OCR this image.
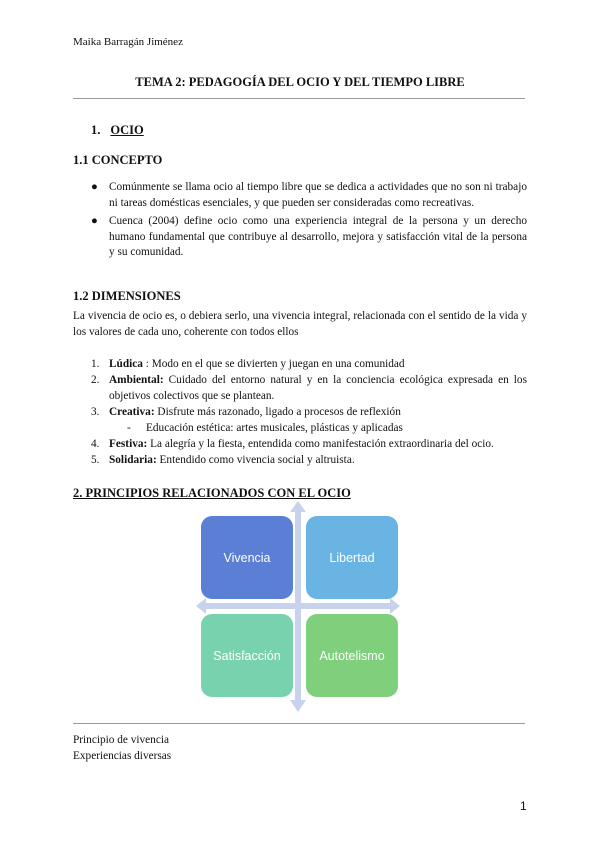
Maika Barragán Jiménez
TEMA 2: PEDAGOGÍA DEL OCIO Y DEL TIEMPO LIBRE
1. OCIO
1.1 CONCEPTO
● Comúnmente se llama ocio al tiempo libre que se dedica a actividades que no son ni trabajo ni tareas domésticas esenciales, y que pueden ser consideradas como recreativas.
● Cuenca (2004) define ocio como una experiencia integral de la persona y un derecho humano fundamental que contribuye al desarrollo, mejora y satisfacción vital de la persona y su comunidad.
1.2 DIMENSIONES
La vivencia de ocio es, o debiera serlo, una vivencia integral, relacionada con el sentido de la vida y los valores de cada uno, coherente con todos ellos
1. Lúdica : Modo en el que se divierten y juegan en una comunidad
2. Ambiental: Cuidado del entorno natural y en la conciencia ecológica expresada en los objetivos colectivos que se plantean.
3. Creativa: Disfrute más razonado, ligado a procesos de reflexión
- Educación estética: artes musicales, plásticas y aplicadas
4. Festiva: La alegría y la fiesta, entendida como manifestación extraordinaria del ocio.
5. Solidaria: Entendido como vivencia social y altruista.
2. PRINCIPIOS RELACIONADOS CON EL OCIO
Vivencia	Libertad
Satisfacción	Autotelismo
Principio de vivencia
Experiencias diversas
1
